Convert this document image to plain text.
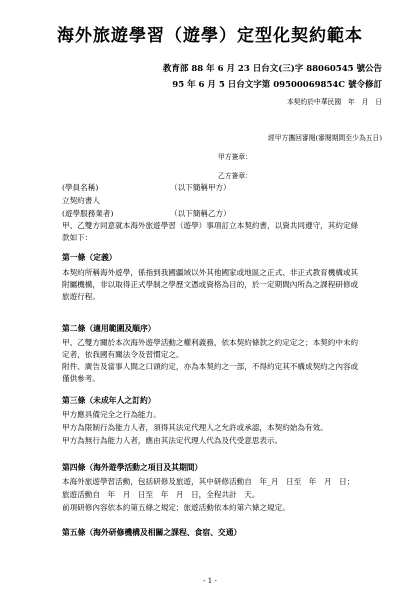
海外旅遊學習（遊學）定型化契約範本
教育部 88 年 6 月 23 日台文(三)字 88060545 號公告
95 年 6 月 5 日台文字第 09500069854C 號令修訂
本契約於中華民國　年　月　日
經甲方攜回審閱(審閱期間至少為五日)
甲方簽章：
乙方簽章：
(學員名稱)	（以下簡稱甲方）
立契約書人
(遊學服務業者)	（以下簡稱乙方）
甲、乙雙方同意就本海外旅遊學習（遊學）事項訂立本契約書，以資共同遵守，其約定條款如下：
第一條（定義）
本契約所稱海外遊學，係指到我國疆域以外其他國家或地區之正式、非正式教育機構或其附屬機構，非以取得正式學制之學歷文憑或資格為目的，於一定期間內所為之課程研修或旅遊行程。
第二條（適用範圍及順序）
甲、乙雙方關於本次海外遊學活動之權利義務，依本契約條款之約定定之；本契約中未約定者，依我國有關法令及習慣定之。
附件、廣告及當事人間之口頭約定，亦為本契約之一部，不得約定其不構成契約之內容或僅供參考。
第三條（未成年人之訂約）
甲方應具備完全之行為能力。
甲方為限制行為能力人者，須得其法定代理人之允許或承認，本契約始為有效。
甲方為無行為能力人者，應由其法定代理人代為及代受意思表示。
第四條（海外遊學活動之項目及其期間）
本海外旅遊學習活動，包括研修及旅遊，其中研修活動自　年_月　日至　年　月　日；
旅遊活動自　年　月　日至　年　月　日，全程共計　天。
前項研修內容依本約第五條之規定；旅遊活動依本約第六條之規定。
第五條（海外研修機構及相關之課程、食宿、交通）
- 1 -
